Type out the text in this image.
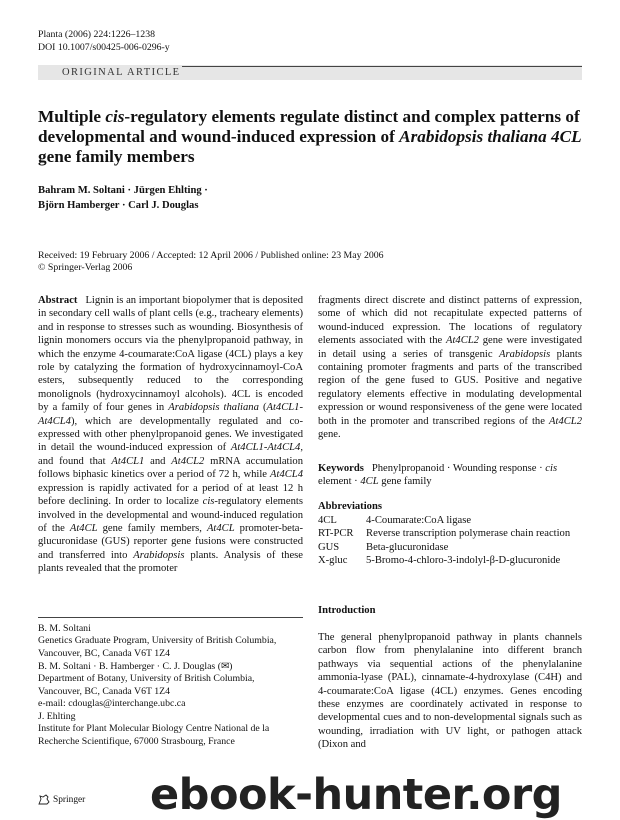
Planta (2006) 224:1226–1238
DOI 10.1007/s00425-006-0296-y
ORIGINAL ARTICLE
Multiple cis-regulatory elements regulate distinct and complex patterns of developmental and wound-induced expression of Arabidopsis thaliana 4CL gene family members
Bahram M. Soltani · Jürgen Ehlting ·
Björn Hamberger · Carl J. Douglas
Received: 19 February 2006 / Accepted: 12 April 2006 / Published online: 23 May 2006
© Springer-Verlag 2006
Abstract Lignin is an important biopolymer that is deposited in secondary cell walls of plant cells (e.g., tracheary elements) and in response to stresses such as wounding. Biosynthesis of lignin monomers occurs via the phenylpropanoid pathway, in which the enzyme 4-coumarate:CoA ligase (4CL) plays a key role by catalyzing the formation of hydroxycinnamoyl-CoA esters, subsequently reduced to the corresponding monolignols (hydroxycinnamoyl alcohols). 4CL is encoded by a family of four genes in Arabidopsis thaliana (At4CL1-At4CL4), which are developmentally regulated and co-expressed with other phenylpropanoid genes. We investigated in detail the wound-induced expression of At4CL1-At4CL4, and found that At4CL1 and At4CL2 mRNA accumulation follows biphasic kinetics over a period of 72 h, while At4CL4 expression is rapidly activated for a period of at least 12 h before declining. In order to localize cis-regulatory elements involved in the developmental and wound-induced regulation of the At4CL gene family members, At4CL promoter-beta-glucuronidase (GUS) reporter gene fusions were constructed and transferred into Arabidopsis plants. Analysis of these plants revealed that the promoter
fragments direct discrete and distinct patterns of expression, some of which did not recapitulate expected patterns of wound-induced expression. The locations of regulatory elements associated with the At4CL2 gene were investigated in detail using a series of transgenic Arabidopsis plants containing promoter fragments and parts of the transcribed region of the gene fused to GUS. Positive and negative regulatory elements effective in modulating developmental expression or wound responsiveness of the gene were located both in the promoter and transcribed regions of the At4CL2 gene.
Keywords Phenylpropanoid · Wounding response · cis element · 4CL gene family
Abbreviations
4CL	4-Coumarate:CoA ligase
RT-PCR	Reverse transcription polymerase chain reaction
GUS	Beta-glucuronidase
X-gluc	5-Bromo-4-chloro-3-indolyl-β-D-glucuronide
Introduction
The general phenylpropanoid pathway in plants channels carbon flow from phenylalanine into different branch pathways via sequential actions of the phenylalanine ammonia-lyase (PAL), cinnamate-4-hydroxylase (C4H) and 4-coumarate:CoA ligase (4CL) enzymes. Genes encoding these enzymes are coordinately activated in response to developmental cues and to non-developmental signals such as wounding, irradiation with UV light, or pathogen attack (Dixon and
B. M. Soltani
Genetics Graduate Program, University of British Columbia,
Vancouver, BC, Canada V6T 1Z4
B. M. Soltani · B. Hamberger · C. J. Douglas (✉)
Department of Botany, University of British Columbia,
Vancouver, BC, Canada V6T 1Z4
e-mail: cdouglas@interchange.ubc.ca
J. Ehlting
Institute for Plant Molecular Biology Centre National de la
Recherche Scientifique, 67000 Strasbourg, France
Springer ebook-hunter.org
